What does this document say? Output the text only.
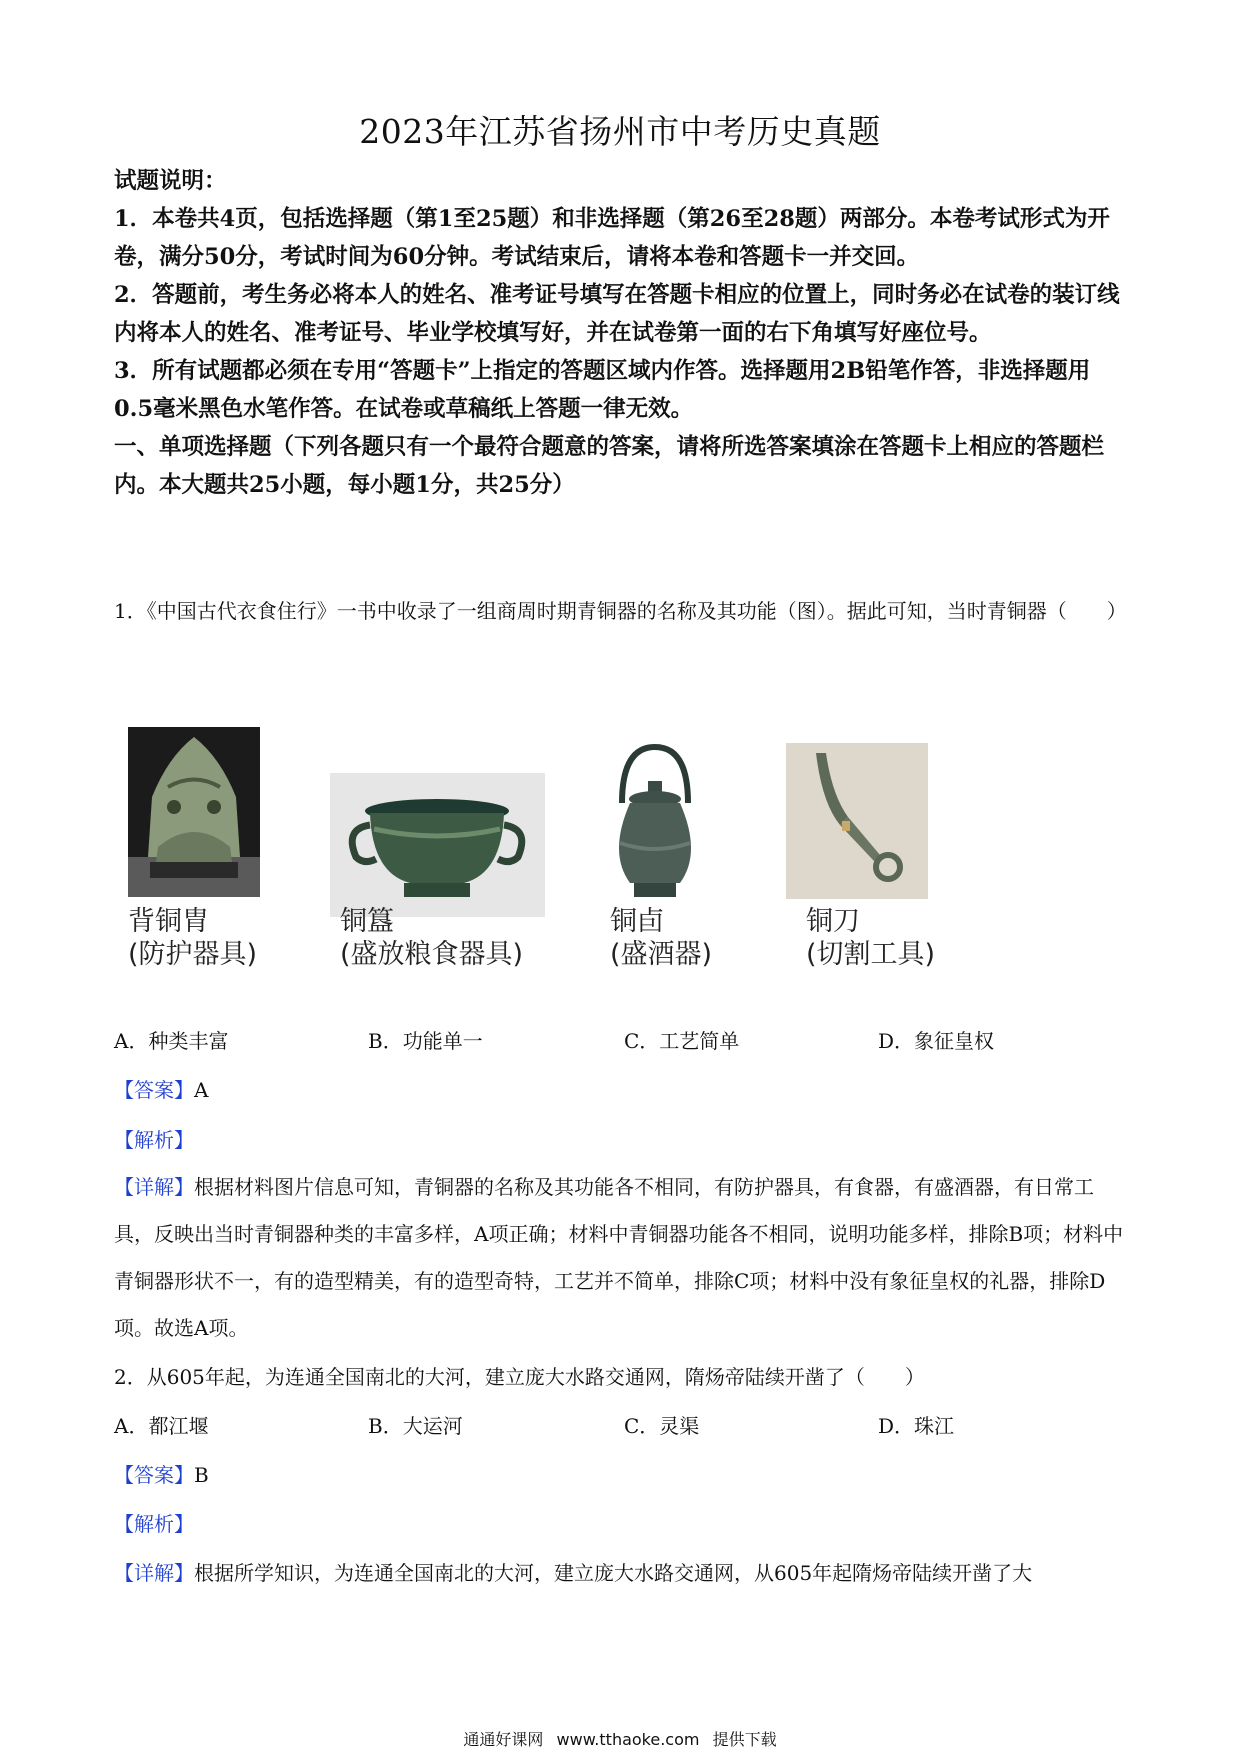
2023年江苏省扬州市中考历史真题

试题说明：

1．本卷共4页，包括选择题（第1至25题）和非选择题（第26至28题）两部分。本卷考试形式为开卷，满分50分，考试时间为60分钟。考试结束后，请将本卷和答题卡一并交回。

2．答题前，考生务必将本人的姓名、准考证号填写在答题卡相应的位置上，同时务必在试卷的装订线内将本人的姓名、准考证号、毕业学校填写好，并在试卷第一面的右下角填写好座位号。

3．所有试题都必须在专用“答题卡”上指定的答题区域内作答。选择题用2B铅笔作答，非选择题用0.5毫米黑色水笔作答。在试卷或草稿纸上答题一律无效。

一、单项选择题（下列各题只有一个最符合题意的答案，请将所选答案填涂在答题卡上相应的答题栏内。本大题共25小题，每小题1分，共25分）

1．《中国古代衣食住行》一书中收录了一组商周时期青铜器的名称及其功能（图）。据此可知，当时青铜器（　　）

背铜胄
(防护器具)
铜簋
(盛放粮食器具)
铜卣
(盛酒器)
铜刀
(切割工具)
A．种类丰富	B．功能单一	C．工艺简单	D．象征皇权
【答案】A
【解析】

【详解】根据材料图片信息可知，青铜器的名称及其功能各不相同，有防护器具，有食器，有盛酒器，有日常工具，反映出当时青铜器种类的丰富多样，A项正确；材料中青铜器功能各不相同，说明功能多样，排除B项；材料中青铜器形状不一，有的造型精美，有的造型奇特，工艺并不简单，排除C项；材料中没有象征皇权的礼器，排除D项。故选A项。

2．从605年起，为连通全国南北的大河，建立庞大水路交通网，隋炀帝陆续开凿了（　　）
A．都江堰	B．大运河	C．灵渠	D．珠江
【答案】B
【解析】
【详解】根据所学知识，为连通全国南北的大河，建立庞大水路交通网，从605年起隋炀帝陆续开凿了大
通通好课网 www.tthaoke.com 提供下载
